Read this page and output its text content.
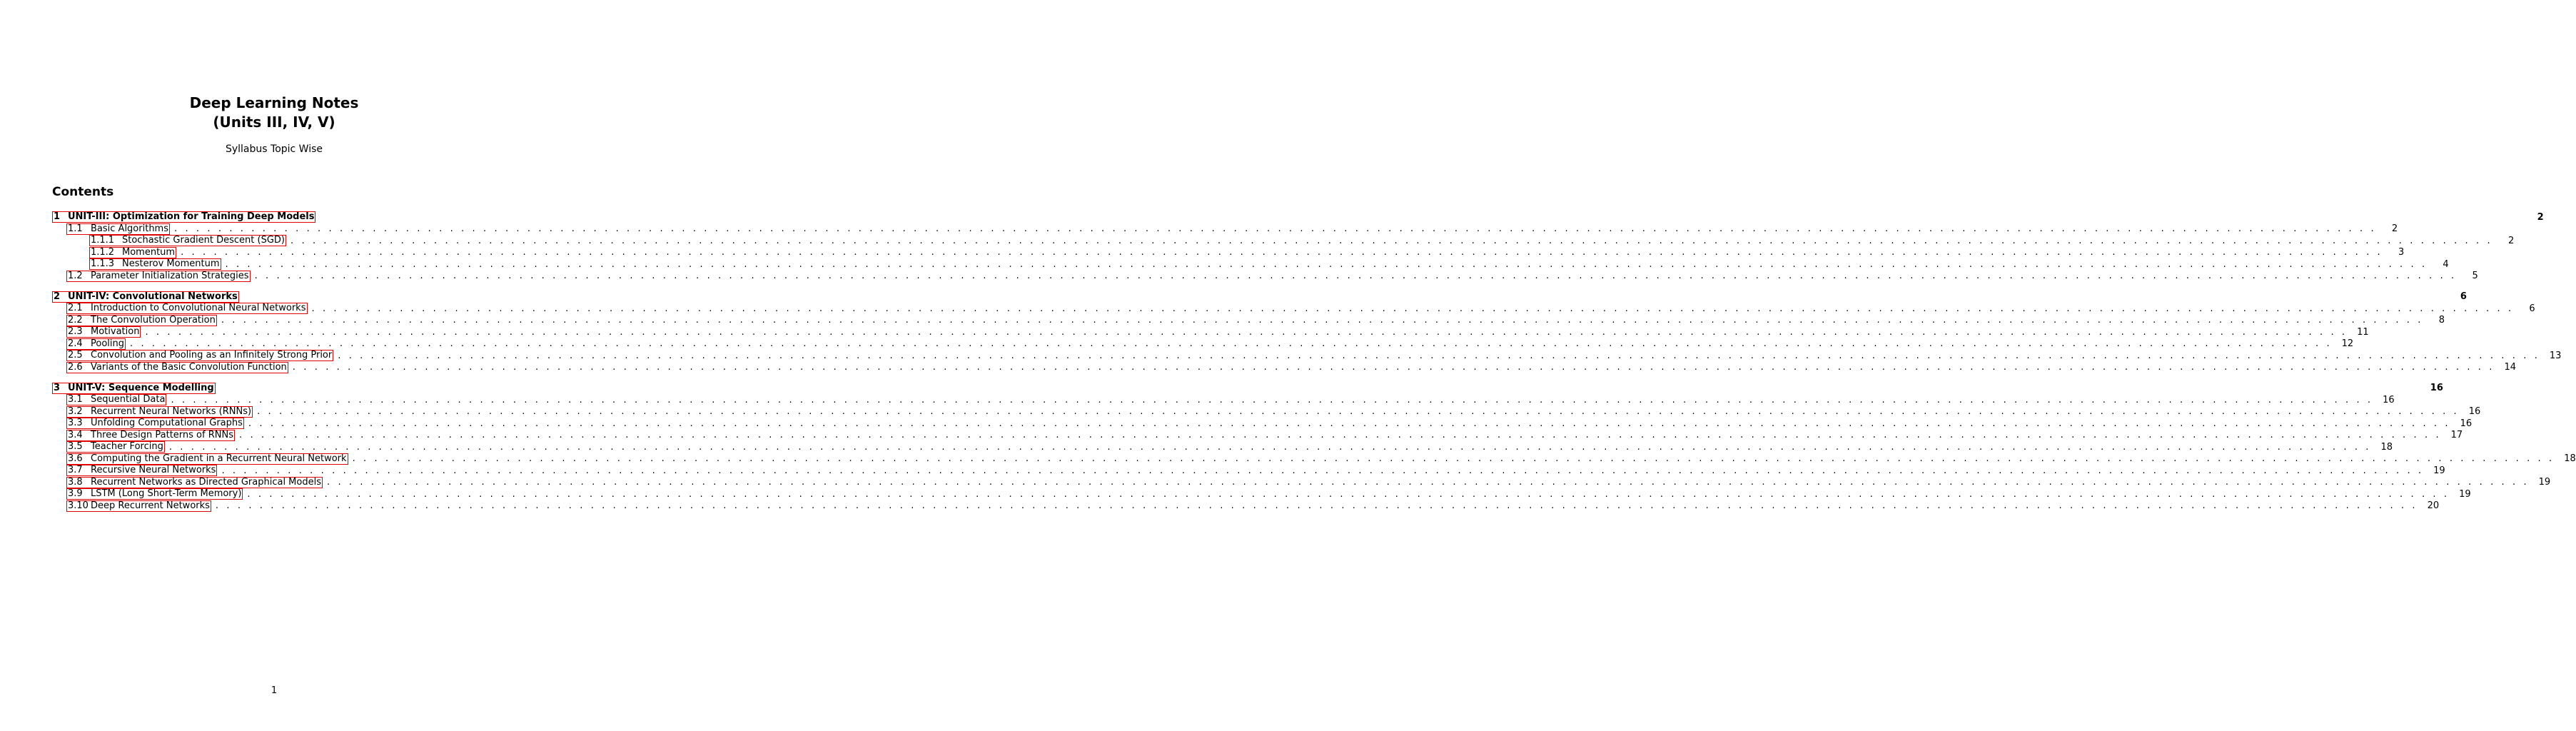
Deep Learning Notes
(Units III, IV, V)
Syllabus Topic Wise
Contents
1 UNIT-III: Optimization for Training Deep Models	2
1.1 Basic Algorithms . . . . . . . . . . . . . . . . . . . . . . . . . . . . . . . . . . . . . . . . . . . . . . . . . . . . . . . . . . . . . . . . . . . . . . . . . . . . . . . . . . . . . . . . . . . . . . . . . . . . . . . . . . . . . . . . . . . . . . . . . . . . . . . . . . . . . . . . . . . . . . . . . . . . . . . . . . . . . . . . . . . . . . . . . . . . . . . . . . . . . . . . . . . . . . . . . . . . . . . .	2
1.1.1 Stochastic Gradient Descent (SGD) . . . . . . . . . . . . . . . . . . . . . . . . . . . . . . . . . . . . . . . . . . . . . . . . . . . . . . . . . . . . . . . . . . . . . . . . . . . . . . . . . . . . . . . . . . . . . . . . . . . . . . . . . . . . . . . . . . . . . . . . . . . . . . . . . . . . . . . . . . . . . . . . . . . . . . . . . . . . . . . . . . . . . . . . . . . . . . . . . . . . . . . . . . . . . . . . . . . . . . . .	2
1.1.2 Momentum . . . . . . . . . . . . . . . . . . . . . . . . . . . . . . . . . . . . . . . . . . . . . . . . . . . . . . . . . . . . . . . . . . . . . . . . . . . . . . . . . . . . . . . . . . . . . . . . . . . . . . . . . . . . . . . . . . . . . . . . . . . . . . . . . . . . . . . . . . . . . . . . . . . . . . . . . . . . . . . . . . . . . . . . . . . . . . . . . . . . . . . . . . . . . . . . . . . . . . . .	3
1.1.3 Nesterov Momentum . . . . . . . . . . . . . . . . . . . . . . . . . . . . . . . . . . . . . . . . . . . . . . . . . . . . . . . . . . . . . . . . . . . . . . . . . . . . . . . . . . . . . . . . . . . . . . . . . . . . . . . . . . . . . . . . . . . . . . . . . . . . . . . . . . . . . . . . . . . . . . . . . . . . . . . . . . . . . . . . . . . . . . . . . . . . . . . . . . . . . . . . . . . . . . . . . . . . . . . .	4
1.2 Parameter Initialization Strategies . . . . . . . . . . . . . . . . . . . . . . . . . . . . . . . . . . . . . . . . . . . . . . . . . . . . . . . . . . . . . . . . . . . . . . . . . . . . . . . . . . . . . . . . . . . . . . . . . . . . . . . . . . . . . . . . . . . . . . . . . . . . . . . . . . . . . . . . . . . . . . . . . . . . . . . . . . . . . . . . . . . . . . . . . . . . . . . . . . . . . . . . . . . . . . . . . . . . . . . .	5
2 UNIT-IV: Convolutional Networks	6
2.1 Introduction to Convolutional Neural Networks . . . . . . . . . . . . . . . . . . . . . . . . . . . . . . . . . . . . . . . . . . . . . . . . . . . . . . . . . . . . . . . . . . . . . . . . . . . . . . . . . . . . . . . . . . . . . . . . . . . . . . . . . . . . . . . . . . . . . . . . . . . . . . . . . . . . . . . . . . . . . . . . . . . . . . . . . . . . . . . . . . . . . . . . . . . . . . . . . . . . . . . . . . . . . . . . . . . . . . . .	6
2.2 The Convolution Operation . . . . . . . . . . . . . . . . . . . . . . . . . . . . . . . . . . . . . . . . . . . . . . . . . . . . . . . . . . . . . . . . . . . . . . . . . . . . . . . . . . . . . . . . . . . . . . . . . . . . . . . . . . . . . . . . . . . . . . . . . . . . . . . . . . . . . . . . . . . . . . . . . . . . . . . . . . . . . . . . . . . . . . . . . . . . . . . . . . . . . . . . . . . . . . . . . . . . . . . .	8
2.3 Motivation . . . . . . . . . . . . . . . . . . . . . . . . . . . . . . . . . . . . . . . . . . . . . . . . . . . . . . . . . . . . . . . . . . . . . . . . . . . . . . . . . . . . . . . . . . . . . . . . . . . . . . . . . . . . . . . . . . . . . . . . . . . . . . . . . . . . . . . . . . . . . . . . . . . . . . . . . . . . . . . . . . . . . . . . . . . . . . . . . . . . . . . . . . . . . . . . . . . . . . . .	11
2.4 Pooling . . . . . . . . . . . . . . . . . . . . . . . . . . . . . . . . . . . . . . . . . . . . . . . . . . . . . . . . . . . . . . . . . . . . . . . . . . . . . . . . . . . . . . . . . . . . . . . . . . . . . . . . . . . . . . . . . . . . . . . . . . . . . . . . . . . . . . . . . . . . . . . . . . . . . . . . . . . . . . . . . . . . . . . . . . . . . . . . . . . . . . . . . . . . . . . . . . . . . . . .	12
2.5 Convolution and Pooling as an Infinitely Strong Prior . . . . . . . . . . . . . . . . . . . . . . . . . . . . . . . . . . . . . . . . . . . . . . . . . . . . . . . . . . . . . . . . . . . . . . . . . . . . . . . . . . . . . . . . . . . . . . . . . . . . . . . . . . . . . . . . . . . . . . . . . . . . . . . . . . . . . . . . . . . . . . . . . . . . . . . . . . . . . . . . . . . . . . . . . . . . . . . . . . . . . . . . . . . . . . . . . . . . . . . .	13
2.6 Variants of the Basic Convolution Function . . . . . . . . . . . . . . . . . . . . . . . . . . . . . . . . . . . . . . . . . . . . . . . . . . . . . . . . . . . . . . . . . . . . . . . . . . . . . . . . . . . . . . . . . . . . . . . . . . . . . . . . . . . . . . . . . . . . . . . . . . . . . . . . . . . . . . . . . . . . . . . . . . . . . . . . . . . . . . . . . . . . . . . . . . . . . . . . . . . . . . . . . . . . . . . . . . . . . . . .	14
3 UNIT-V: Sequence Modelling	16
3.1 Sequential Data . . . . . . . . . . . . . . . . . . . . . . . . . . . . . . . . . . . . . . . . . . . . . . . . . . . . . . . . . . . . . . . . . . . . . . . . . . . . . . . . . . . . . . . . . . . . . . . . . . . . . . . . . . . . . . . . . . . . . . . . . . . . . . . . . . . . . . . . . . . . . . . . . . . . . . . . . . . . . . . . . . . . . . . . . . . . . . . . . . . . . . . . . . . . . . . . . . . . . . . .	16
3.2 Recurrent Neural Networks (RNNs) . . . . . . . . . . . . . . . . . . . . . . . . . . . . . . . . . . . . . . . . . . . . . . . . . . . . . . . . . . . . . . . . . . . . . . . . . . . . . . . . . . . . . . . . . . . . . . . . . . . . . . . . . . . . . . . . . . . . . . . . . . . . . . . . . . . . . . . . . . . . . . . . . . . . . . . . . . . . . . . . . . . . . . . . . . . . . . . . . . . . . . . . . . . . . . . . . . . . . . . .	16
3.3 Unfolding Computational Graphs . . . . . . . . . . . . . . . . . . . . . . . . . . . . . . . . . . . . . . . . . . . . . . . . . . . . . . . . . . . . . . . . . . . . . . . . . . . . . . . . . . . . . . . . . . . . . . . . . . . . . . . . . . . . . . . . . . . . . . . . . . . . . . . . . . . . . . . . . . . . . . . . . . . . . . . . . . . . . . . . . . . . . . . . . . . . . . . . . . . . . . . . . . . . . . . . . . . . . . . .	16
3.4 Three Design Patterns of RNNs . . . . . . . . . . . . . . . . . . . . . . . . . . . . . . . . . . . . . . . . . . . . . . . . . . . . . . . . . . . . . . . . . . . . . . . . . . . . . . . . . . . . . . . . . . . . . . . . . . . . . . . . . . . . . . . . . . . . . . . . . . . . . . . . . . . . . . . . . . . . . . . . . . . . . . . . . . . . . . . . . . . . . . . . . . . . . . . . . . . . . . . . . . . . . . . . . . . . . . . .	17
3.5 Teacher Forcing . . . . . . . . . . . . . . . . . . . . . . . . . . . . . . . . . . . . . . . . . . . . . . . . . . . . . . . . . . . . . . . . . . . . . . . . . . . . . . . . . . . . . . . . . . . . . . . . . . . . . . . . . . . . . . . . . . . . . . . . . . . . . . . . . . . . . . . . . . . . . . . . . . . . . . . . . . . . . . . . . . . . . . . . . . . . . . . . . . . . . . . . . . . . . . . . . . . . . . . .	18
3.6 Computing the Gradient in a Recurrent Neural Network . . . . . . . . . . . . . . . . . . . . . . . . . . . . . . . . . . . . . . . . . . . . . . . . . . . . . . . . . . . . . . . . . . . . . . . . . . . . . . . . . . . . . . . . . . . . . . . . . . . . . . . . . . . . . . . . . . . . . . . . . . . . . . . . . . . . . . . . . . . . . . . . . . . . . . . . . . . . . . . . . . . . . . . . . . . . . . . . . . . . . . . . . . . . . . . . . . . . . . . .	18
3.7 Recursive Neural Networks . . . . . . . . . . . . . . . . . . . . . . . . . . . . . . . . . . . . . . . . . . . . . . . . . . . . . . . . . . . . . . . . . . . . . . . . . . . . . . . . . . . . . . . . . . . . . . . . . . . . . . . . . . . . . . . . . . . . . . . . . . . . . . . . . . . . . . . . . . . . . . . . . . . . . . . . . . . . . . . . . . . . . . . . . . . . . . . . . . . . . . . . . . . . . . . . . . . . . . . .	19
3.8 Recurrent Networks as Directed Graphical Models . . . . . . . . . . . . . . . . . . . . . . . . . . . . . . . . . . . . . . . . . . . . . . . . . . . . . . . . . . . . . . . . . . . . . . . . . . . . . . . . . . . . . . . . . . . . . . . . . . . . . . . . . . . . . . . . . . . . . . . . . . . . . . . . . . . . . . . . . . . . . . . . . . . . . . . . . . . . . . . . . . . . . . . . . . . . . . . . . . . . . . . . . . . . . . . . . . . . . . . .	19
3.9 LSTM (Long Short-Term Memory) . . . . . . . . . . . . . . . . . . . . . . . . . . . . . . . . . . . . . . . . . . . . . . . . . . . . . . . . . . . . . . . . . . . . . . . . . . . . . . . . . . . . . . . . . . . . . . . . . . . . . . . . . . . . . . . . . . . . . . . . . . . . . . . . . . . . . . . . . . . . . . . . . . . . . . . . . . . . . . . . . . . . . . . . . . . . . . . . . . . . . . . . . . . . . . . . . . . . . . . .	19
3.10 Deep Recurrent Networks . . . . . . . . . . . . . . . . . . . . . . . . . . . . . . . . . . . . . . . . . . . . . . . . . . . . . . . . . . . . . . . . . . . . . . . . . . . . . . . . . . . . . . . . . . . . . . . . . . . . . . . . . . . . . . . . . . . . . . . . . . . . . . . . . . . . . . . . . . . . . . . . . . . . . . . . . . . . . . . . . . . . . . . . . . . . . . . . . . . . . . . . . . . . . . . . . . . . . . . .	20
1
